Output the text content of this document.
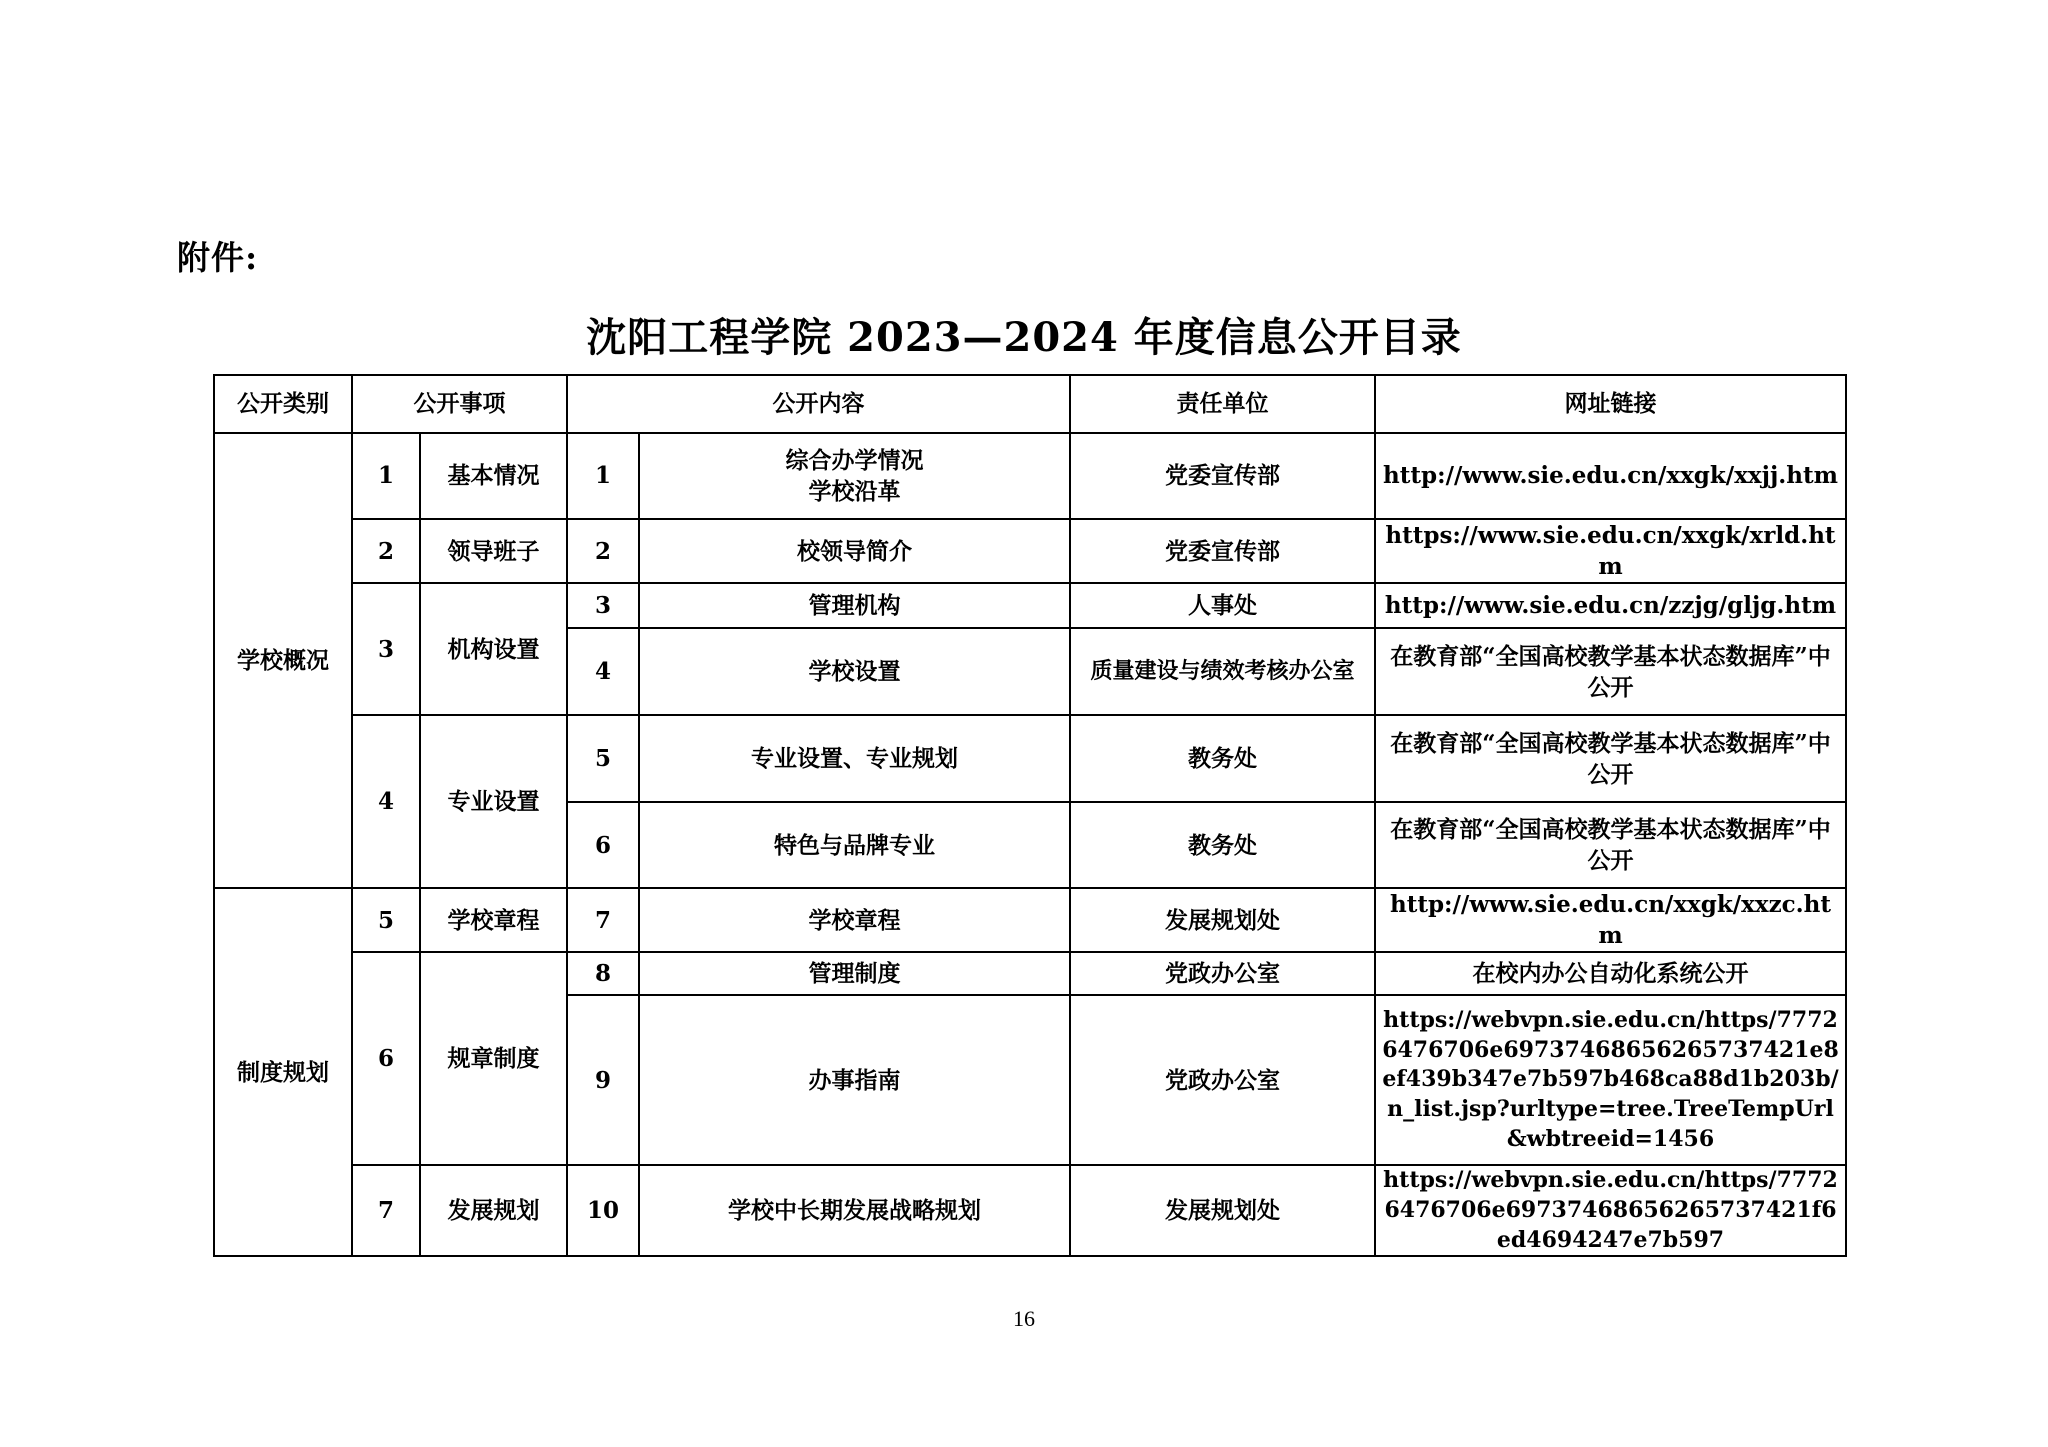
附件:
沈阳工程学院 2023—2024 年度信息公开目录
公开类别	公开事项		公开内容		责任单位	网址链接
学校概况	1	基本情况	1	综合办学情况
学校沿革	党委宣传部	http://www.sie.edu.cn/xxgk/xxjj.htm
	2	领导班子	2	校领导简介	党委宣传部	https://www.sie.edu.cn/xxgk/xrld.htm
	3	机构设置	3	管理机构	人事处	http://www.sie.edu.cn/zzjg/gljg.htm
			4	学校设置	质量建设与绩效考核办公室	在教育部“全国高校教学基本状态数据库”中公开
	4	专业设置	5	专业设置、专业规划	教务处	在教育部“全国高校教学基本状态数据库”中公开
			6	特色与品牌专业	教务处	在教育部“全国高校教学基本状态数据库”中公开
制度规划	5	学校章程	7	学校章程	发展规划处	http://www.sie.edu.cn/xxgk/xxzc.htm
	6	规章制度	8	管理制度	党政办公室	在校内办公自动化系统公开
			9	办事指南	党政办公室	https://webvpn.sie.edu.cn/https/77726476706e69737468656265737421e8ef439b347e7b597b468ca88d1b203b/n_list.jsp?urltype=tree.TreeTempUrl&wbtreeid=1456
	7	发展规划	10	学校中长期发展战略规划	发展规划处	https://webvpn.sie.edu.cn/https/77726476706e69737468656265737421f6ed4694247e7b597
16
